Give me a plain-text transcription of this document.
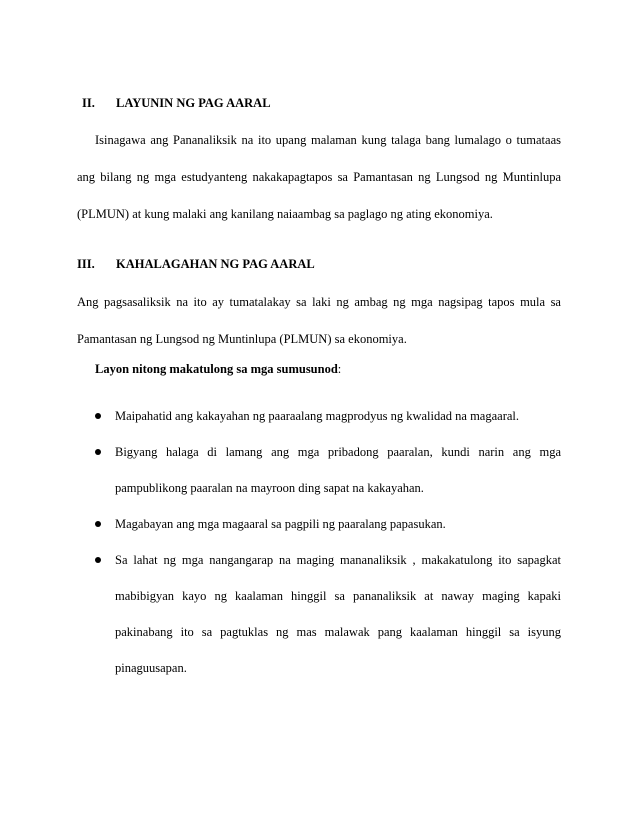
II. LAYUNIN NG PAG AARAL
Isinagawa ang Pananaliksik na ito upang malaman kung talaga bang lumalago o tumataas ang bilang ng mga estudyanteng nakakapagtapos sa Pamantasan ng Lungsod ng Muntinlupa (PLMUN) at kung malaki ang kanilang naiaambag sa paglago ng ating ekonomiya.
III. KAHALAGAHAN NG PAG AARAL
Ang pagsasaliksik na ito ay tumatalakay sa laki ng ambag ng mga nagsipag tapos mula sa Pamantasan ng Lungsod ng Muntinlupa (PLMUN) sa ekonomiya.
Layon nitong makatulong sa mga sumusunod:
Maipahatid ang kakayahan ng paaraalang magprodyus ng kwalidad na magaaral.
Bigyang halaga di lamang ang mga pribadong paaralan, kundi narin ang mga pampublikong paaralan na mayroon ding sapat na kakayahan.
Magabayan ang mga magaaral sa pagpili ng paaralang papasukan.
Sa lahat ng mga nangangarap na maging mananaliksik , makakatulong ito sapagkat mabibigyan kayo ng kaalaman hinggil sa pananaliksik at naway maging kapaki pakinabang ito sa pagtuklas ng mas malawak pang kaalaman hinggil sa isyung pinaguusapan.
